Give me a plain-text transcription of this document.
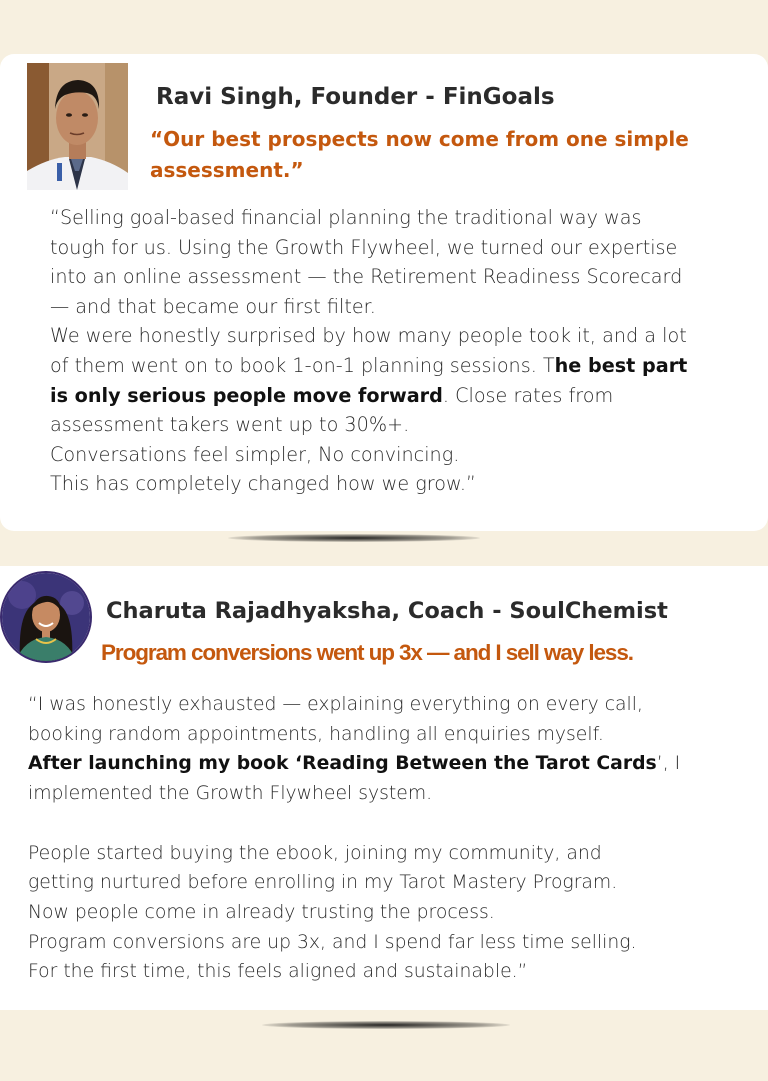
Ravi Singh, Founder - FinGoals
“Our best prospects now come from one simple
assessment.”
“Selling goal-based financial planning the traditional way was
tough for us. Using the Growth Flywheel, we turned our expertise
into an online assessment — the Retirement Readiness Scorecard
— and that became our first filter.
We were honestly surprised by how many people took it, and a lot
of them went on to book 1-on-1 planning sessions. The best part
is only serious people move forward. Close rates from
assessment takers went up to 30%+.
Conversations feel simpler, No convincing.
This has completely changed how we grow.”
Charuta Rajadhyaksha, Coach - SoulChemist
Program conversions went up 3x — and I sell way less.
“I was honestly exhausted — explaining everything on every call,
booking random appointments, handling all enquiries myself.
After launching my book ‘Reading Between the Tarot Cards’, I
implemented the Growth Flywheel system.
People started buying the ebook, joining my community, and
getting nurtured before enrolling in my Tarot Mastery Program.
Now people come in already trusting the process.
Program conversions are up 3x, and I spend far less time selling.
For the first time, this feels aligned and sustainable.”
